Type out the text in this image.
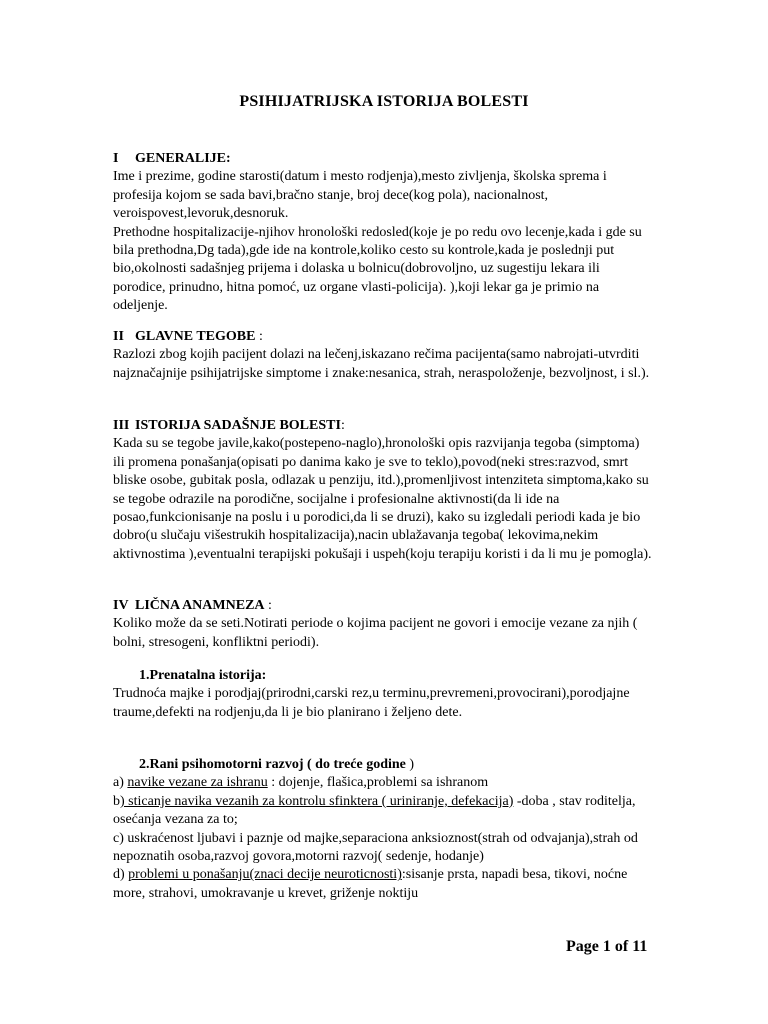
PSIHIJATRIJSKA ISTORIJA BOLESTI

I GENERALIJE:

Ime i prezime, godine starosti(datum i mesto rodjenja),mesto zivljenja, školska sprema i profesija kojom se sada bavi,bračno stanje, broj dece(kog pola), nacionalnost, veroispovest,levoruk,desnoruk.

Prethodne hospitalizacije-njihov hronološki redosled(koje je po redu ovo lecenje,kada i gde su bila prethodna,Dg tada),gde ide na kontrole,koliko cesto su kontrole,kada je poslednji put bio,okolnosti sadašnjeg prijema i dolaska u bolnicu(dobrovoljno, uz sugestiju lekara ili porodice, prinudno, hitna pomoć, uz organe vlasti-policija). ),koji lekar ga je primio na odeljenje.

II GLAVNE TEGOBE :

Razlozi zbog kojih pacijent dolazi na lečenj,iskazano rečima pacijenta(samo nabrojati-utvrditi najznačajnije psihijatrijske simptome i znake:nesanica, strah, neraspoloženje, bezvoljnost, i sl.).

III ISTORIJA SADAŠNJE BOLESTI:

Kada su se tegobe javile,kako(postepeno-naglo),hronološki opis razvijanja tegoba (simptoma) ili promena ponašanja(opisati po danima kako je sve to teklo),povod(neki stres:razvod, smrt bliske osobe, gubitak posla, odlazak u penziju, itd.),promenljivost intenziteta simptoma,kako su se tegobe odrazile na porodične, socijalne i profesionalne aktivnosti(da li ide na posao,funkcionisanje na poslu i u porodici,da li se druzi), kako su izgledali periodi kada je bio dobro(u slučaju višestrukih hospitalizacija),nacin ublažavanja tegoba( lekovima,nekim aktivnostima ),eventualni terapijski pokušaji i uspeh(koju terapiju koristi i da li mu je pomogla).

IV LIČNA ANAMNEZA :

Koliko može da se seti.Notirati periode o kojima pacijent ne govori i emocije vezane za njih ( bolni, stresogeni, konfliktni periodi).

1.Prenatalna istorija:

Trudnoća majke i porodjaj(prirodni,carski rez,u terminu,prevremeni,provocirani),porodjajne traume,defekti na rodjenju,da li je bio planirano i željeno dete.

2.Rani psihomotorni razvoj ( do treće godine )

a) navike vezane za ishranu : dojenje, flašica,problemi sa ishranom

b) sticanje navika vezanih za kontrolu sfinktera ( uriniranje, defekacija) -doba , stav roditelja, osećanja vezana za to;

c) uskraćenost ljubavi i paznje od majke,separaciona anksioznost(strah od odvajanja),strah od nepoznatih osoba,razvoj govora,motorni razvoj( sedenje, hodanje)

d) problemi u ponašanju(znaci decije neuroticnosti):sisanje prsta, napadi besa, tikovi, noćne more, strahovi, umokravanje u krevet, griženje noktiju

Page 1 of 11
